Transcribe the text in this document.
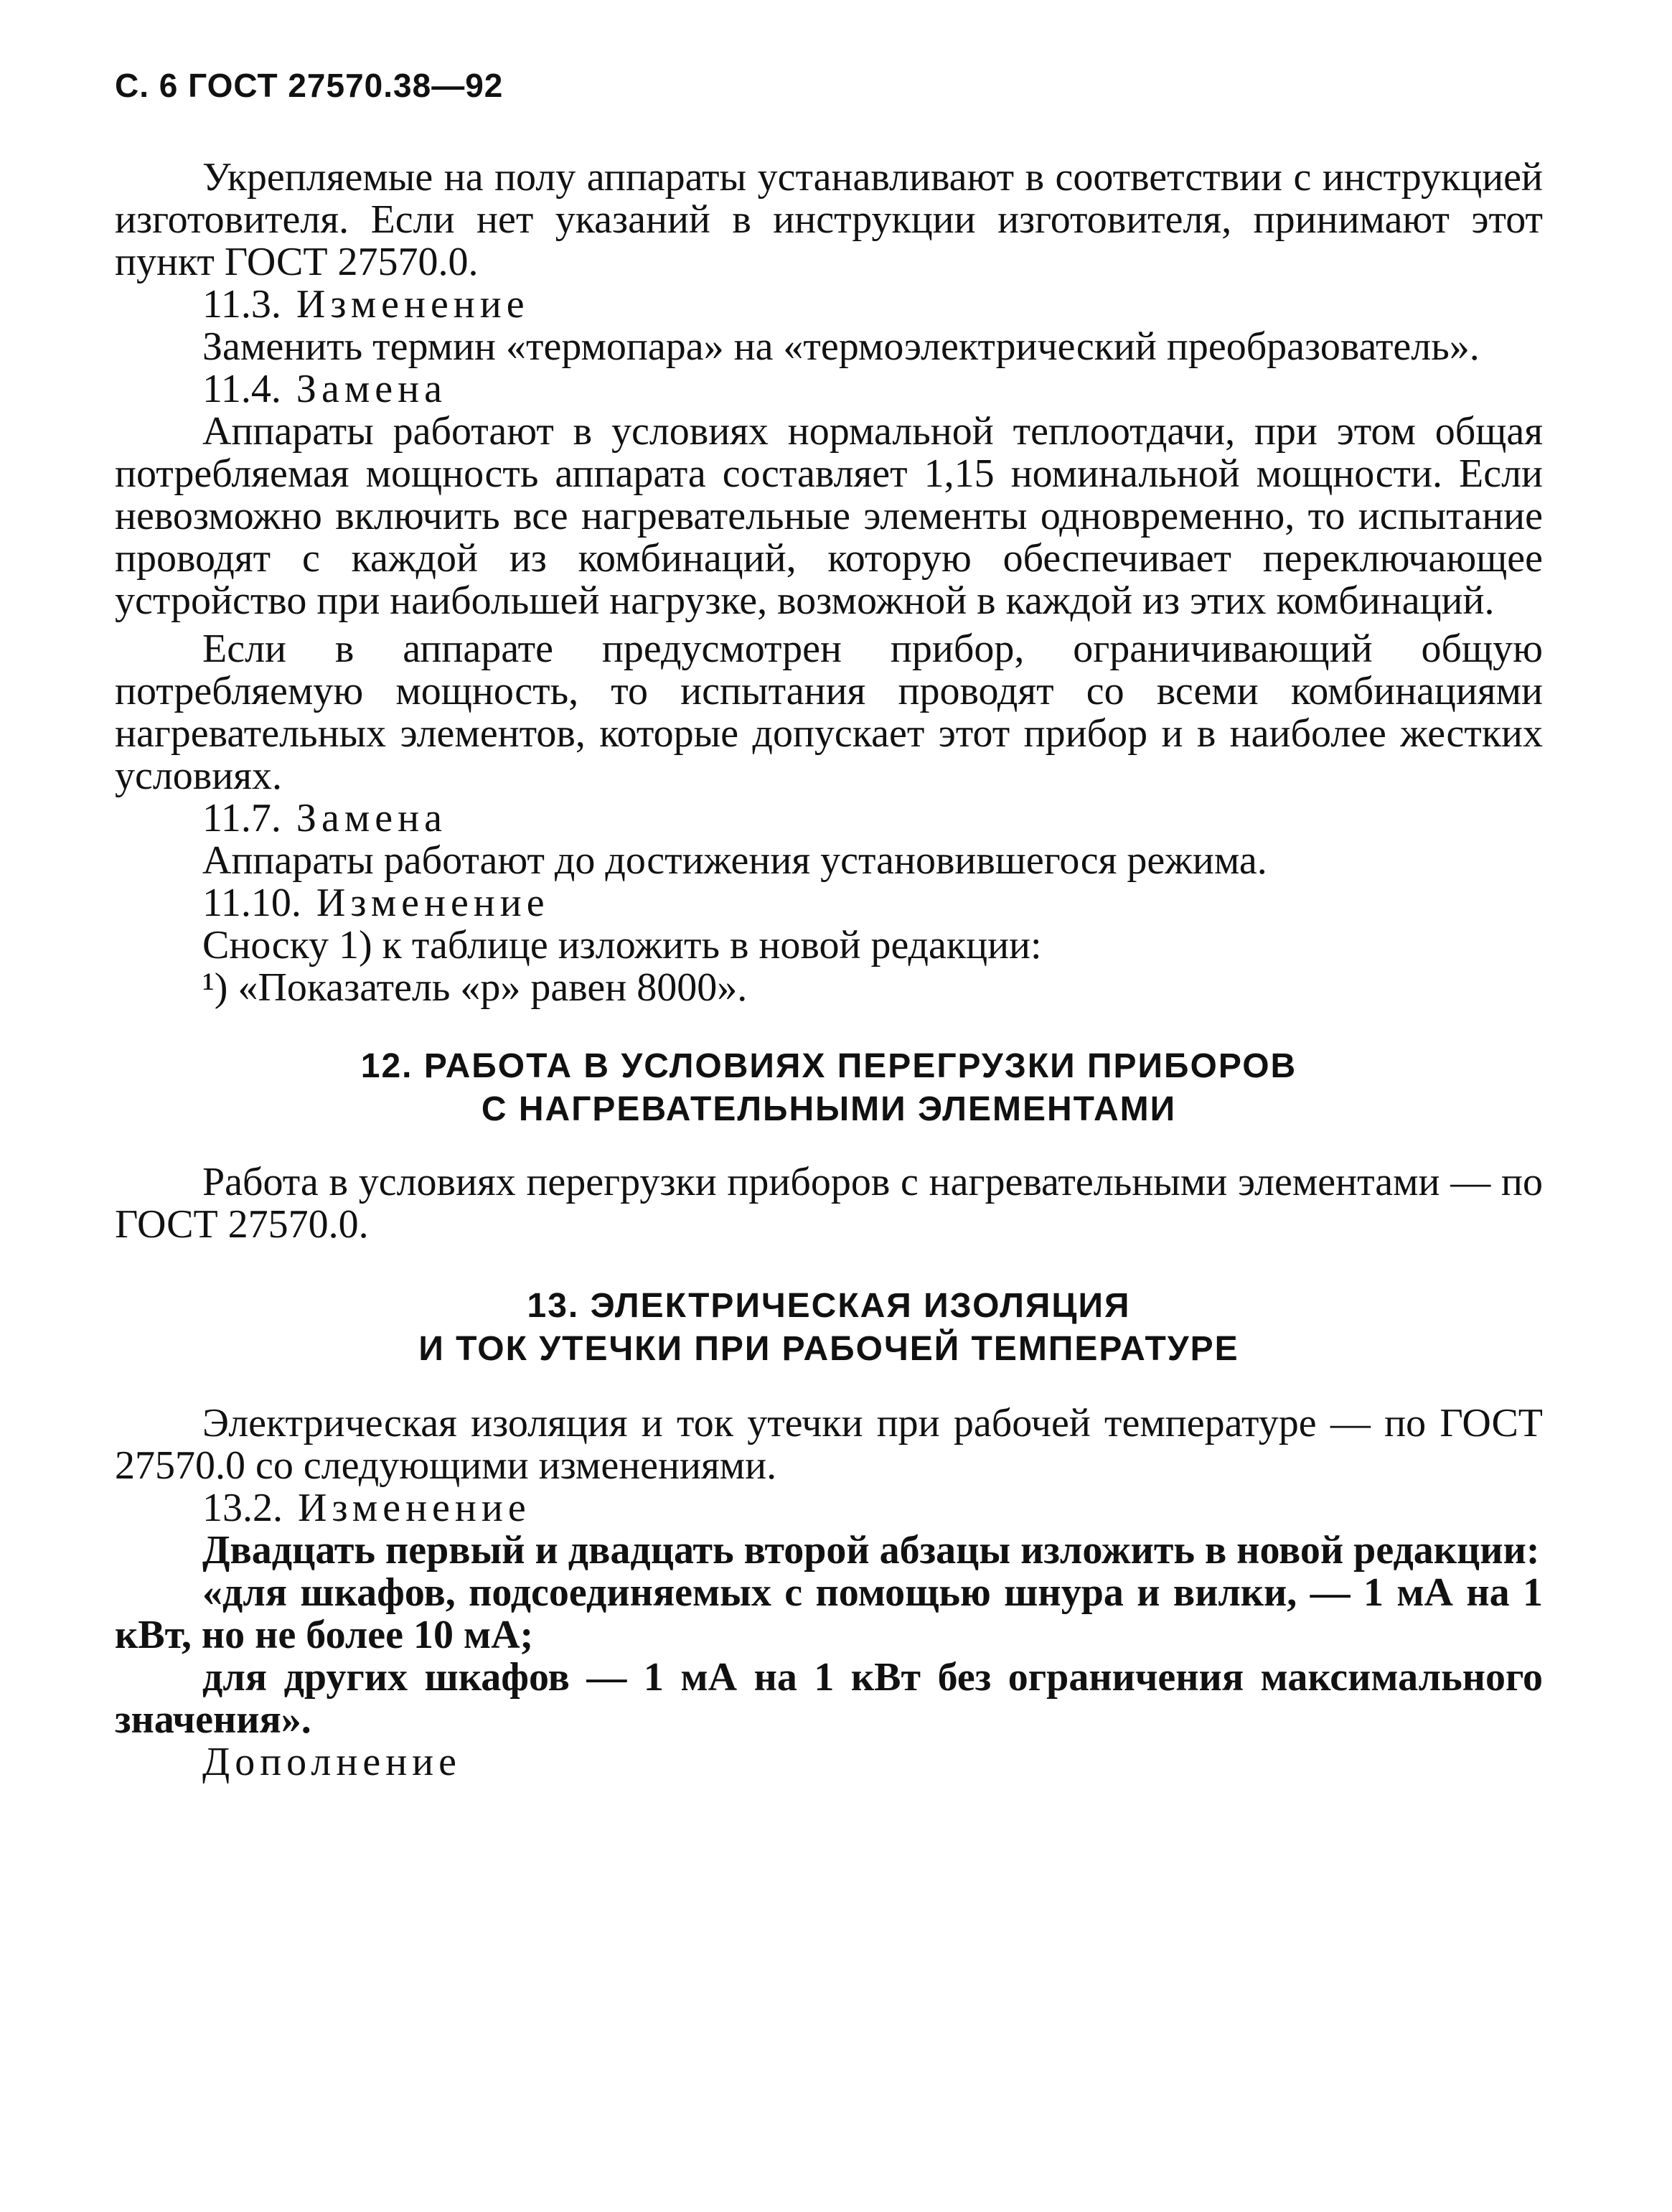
С. 6 ГОСТ 27570.38—92

Укрепляемые на полу аппараты устанавливают в соответствии с инструкцией изготовителя. Если нет указаний в инструкции изготовителя, принимают этот пункт ГОСТ 27570.0.

11.3. Изменение

Заменить термин «термопара» на «термоэлектрический преобразователь».

11.4. Замена

Аппараты работают в условиях нормальной теплоотдачи, при этом общая потребляемая мощность аппарата составляет 1,15 номинальной мощности. Если невозможно включить все нагревательные элементы одновременно, то испытание проводят с каждой из комбинаций, которую обеспечивает переключающее устройство при наибольшей нагрузке, возможной в каждой из этих комбинаций.

Если в аппарате предусмотрен прибор, ограничивающий общую потребляемую мощность, то испытания проводят со всеми комбинациями нагревательных элементов, которые допускает этот прибор и в наиболее жестких условиях.

11.7. Замена

Аппараты работают до достижения установившегося режима.

11.10. Изменение

Сноску 1) к таблице изложить в новой редакции:

¹) «Показатель «p» равен 8000».

12. РАБОТА В УСЛОВИЯХ ПЕРЕГРУЗКИ ПРИБОРОВ
С НАГРЕВАТЕЛЬНЫМИ ЭЛЕМЕНТАМИ

Работа в условиях перегрузки приборов с нагревательными элементами — по ГОСТ 27570.0.

13. ЭЛЕКТРИЧЕСКАЯ ИЗОЛЯЦИЯ
И ТОК УТЕЧКИ ПРИ РАБОЧЕЙ ТЕМПЕРАТУРЕ

Электрическая изоляция и ток утечки при рабочей температуре — по ГОСТ 27570.0 со следующими изменениями.

13.2. Изменение

Двадцать первый и двадцать второй абзацы изложить в новой редакции:

«для шкафов, подсоединяемых с помощью шнура и вилки, — 1 мА на 1 кВт, но не более 10 мА;

для других шкафов — 1 мА на 1 кВт без ограничения максимального значения».

Дополнение
